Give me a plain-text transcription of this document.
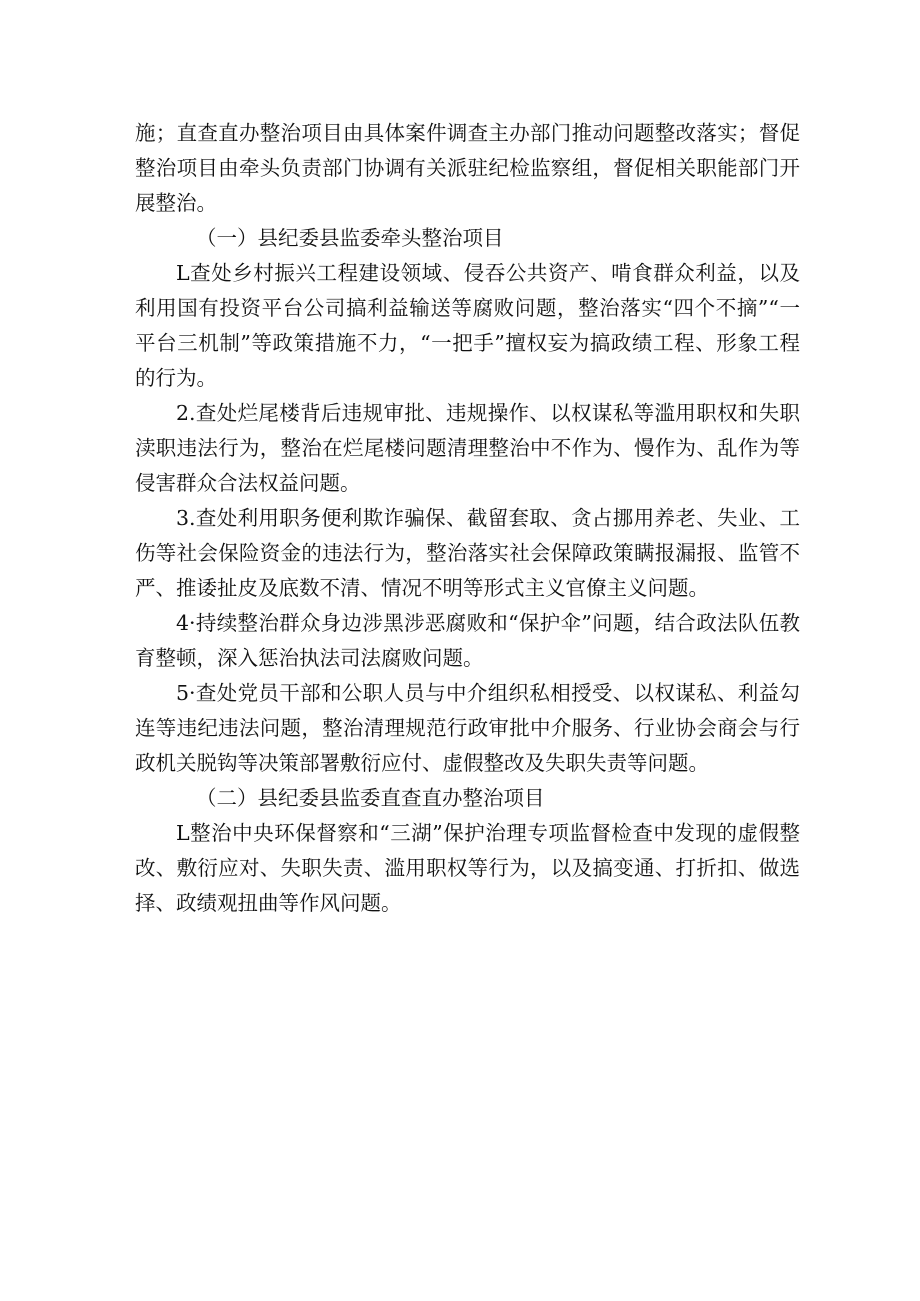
施；直查直办整治项目由具体案件调查主办部门推动问题整改落实；督促整治项目由牵头负责部门协调有关派驻纪检监察组，督促相关职能部门开展整治。

（一）县纪委县监委牵头整治项目

L查处乡村振兴工程建设领域、侵吞公共资产、啃食群众利益，以及利用国有投资平台公司搞利益输送等腐败问题，整治落实“四个不摘”“一平台三机制”等政策措施不力，“一把手”擅权妄为搞政绩工程、形象工程的行为。

2.查处烂尾楼背后违规审批、违规操作、以权谋私等滥用职权和失职渎职违法行为，整治在烂尾楼问题清理整治中不作为、慢作为、乱作为等侵害群众合法权益问题。

3.查处利用职务便利欺诈骗保、截留套取、贪占挪用养老、失业、工伤等社会保险资金的违法行为，整治落实社会保障政策瞒报漏报、监管不严、推诿扯皮及底数不清、情况不明等形式主义官僚主义问题。

4·持续整治群众身边涉黑涉恶腐败和“保护伞”问题，结合政法队伍教育整顿，深入惩治执法司法腐败问题。

5·查处党员干部和公职人员与中介组织私相授受、以权谋私、利益勾连等违纪违法问题，整治清理规范行政审批中介服务、行业协会商会与行政机关脱钩等决策部署敷衍应付、虚假整改及失职失责等问题。

（二）县纪委县监委直查直办整治项目

L整治中央环保督察和“三湖”保护治理专项监督检查中发现的虚假整改、敷衍应对、失职失责、滥用职权等行为，以及搞变通、打折扣、做选择、政绩观扭曲等作风问题。
